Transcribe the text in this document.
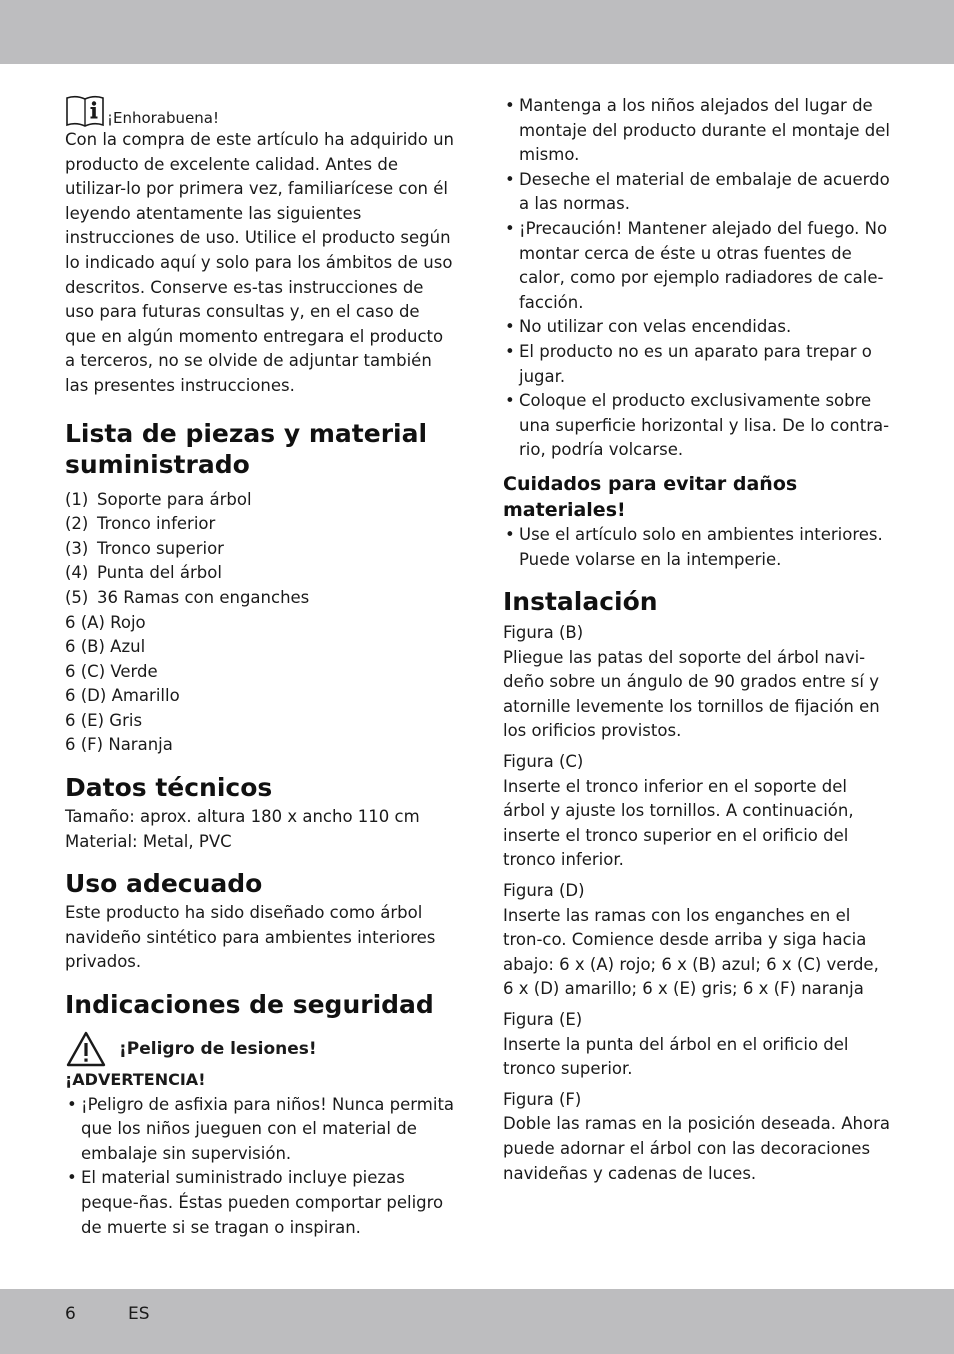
¡Enhorabuena!

Con la compra de este artículo ha adquirido un producto de excelente calidad. Antes de utilizar-lo por primera vez, familiarícese con él leyendo atentamente las siguientes instrucciones de uso. Utilice el producto según lo indicado aquí y solo para los ámbitos de uso descritos. Conserve es-tas instrucciones de uso para futuras consultas y, en el caso de que en algún momento entregara el producto a terceros, no se olvide de adjuntar también las presentes instrucciones.

Lista de piezas y material suministrado
(1) Soporte para árbol
(2) Tronco inferior
(3) Tronco superior
(4) Punta del árbol
(5) 36 Ramas con enganches

6 (A) Rojo

6 (B) Azul

6 (C) Verde

6 (D) Amarillo

6 (E) Gris

6 (F) Naranja

Datos técnicos

Tamaño: aprox. altura 180 x ancho 110 cm

Material: Metal, PVC

Uso adecuado

Este producto ha sido diseñado como árbol navideño sintético para ambientes interiores privados.

Indicaciones de seguridad
¡Peligro de lesiones!

¡ADVERTENCIA!

• ¡Peligro de asfixia para niños! Nunca permita que los niños jueguen con el material de embalaje sin supervisión.
• El material suministrado incluye piezas peque-ñas. Éstas pueden comportar peligro de muerte si se tragan o inspiran.
• Mantenga a los niños alejados del lugar de montaje del producto durante el montaje del mismo.
• Deseche el material de embalaje de acuerdo a las normas.
• ¡Precaución! Mantener alejado del fuego. No montar cerca de éste u otras fuentes de calor, como por ejemplo radiadores de cale-facción.
• No utilizar con velas encendidas.
• El producto no es un aparato para trepar o jugar.
• Coloque el producto exclusivamente sobre una superficie horizontal y lisa. De lo contra-rio, podría volcarse.
Cuidados para evitar daños materiales!
• Use el artículo solo en ambientes interiores. Puede volarse en la intemperie.
Instalación

Figura (B)

Pliegue las patas del soporte del árbol navi-deño sobre un ángulo de 90 grados entre sí y atornille levemente los tornillos de fijación en los orificios provistos.

Figura (C)

Inserte el tronco inferior en el soporte del árbol y ajuste los tornillos. A continuación, inserte el tronco superior en el orificio del tronco inferior.

Figura (D)

Inserte las ramas con los enganches en el tron-co. Comience desde arriba y siga hacia abajo: 6 x (A) rojo; 6 x (B) azul; 6 x (C) verde, 6 x (D) amarillo; 6 x (E) gris; 6 x (F) naranja

Figura (E)

Inserte la punta del árbol en el orificio del tronco superior.

Figura (F)

Doble las ramas en la posición deseada. Ahora puede adornar el árbol con las decoraciones navideñas y cadenas de luces.

6	ES
